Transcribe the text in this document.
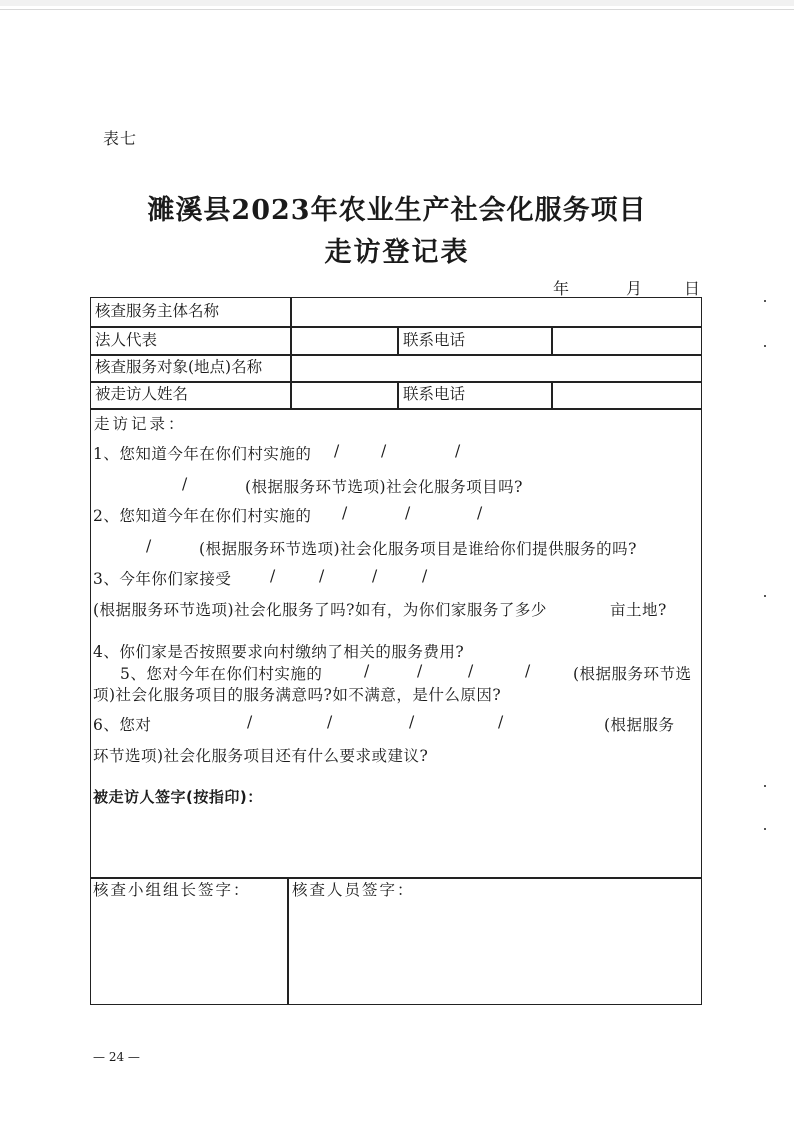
表七
濉溪县2023年农业生产社会化服务项目
走访登记表
年	月	日
核查服务主体名称
法人代表	联系电话
核查服务对象(地点)名称
被走访人姓名	联系电话
走访记录：
1、您知道今年在你们村实施的 /	/	/
/	(根据服务环节选项)社会化服务项目吗?
2、您知道今年在你们村实施的 /	/	/
/	(根据服务环节选项)社会化服务项目是谁给你们提供服务的吗?
3、今年你们家接受 /	/	/	/
(根据服务环节选项)社会化服务了吗?如有，为你们家服务了多少	亩土地?
4、你们家是否按照要求向村缴纳了相关的服务费用?
5、您对今年在你们村实施的	/	/	/	/	(根据服务环节选
项)社会化服务项目的服务满意吗?如不满意，是什么原因?
6、您对	/	/	/	/	(根据服务
环节选项)社会化服务项目还有什么要求或建议?
被走访人签字(按指印)：
核查小组组长签字：	核查人员签字：
— 24 —
